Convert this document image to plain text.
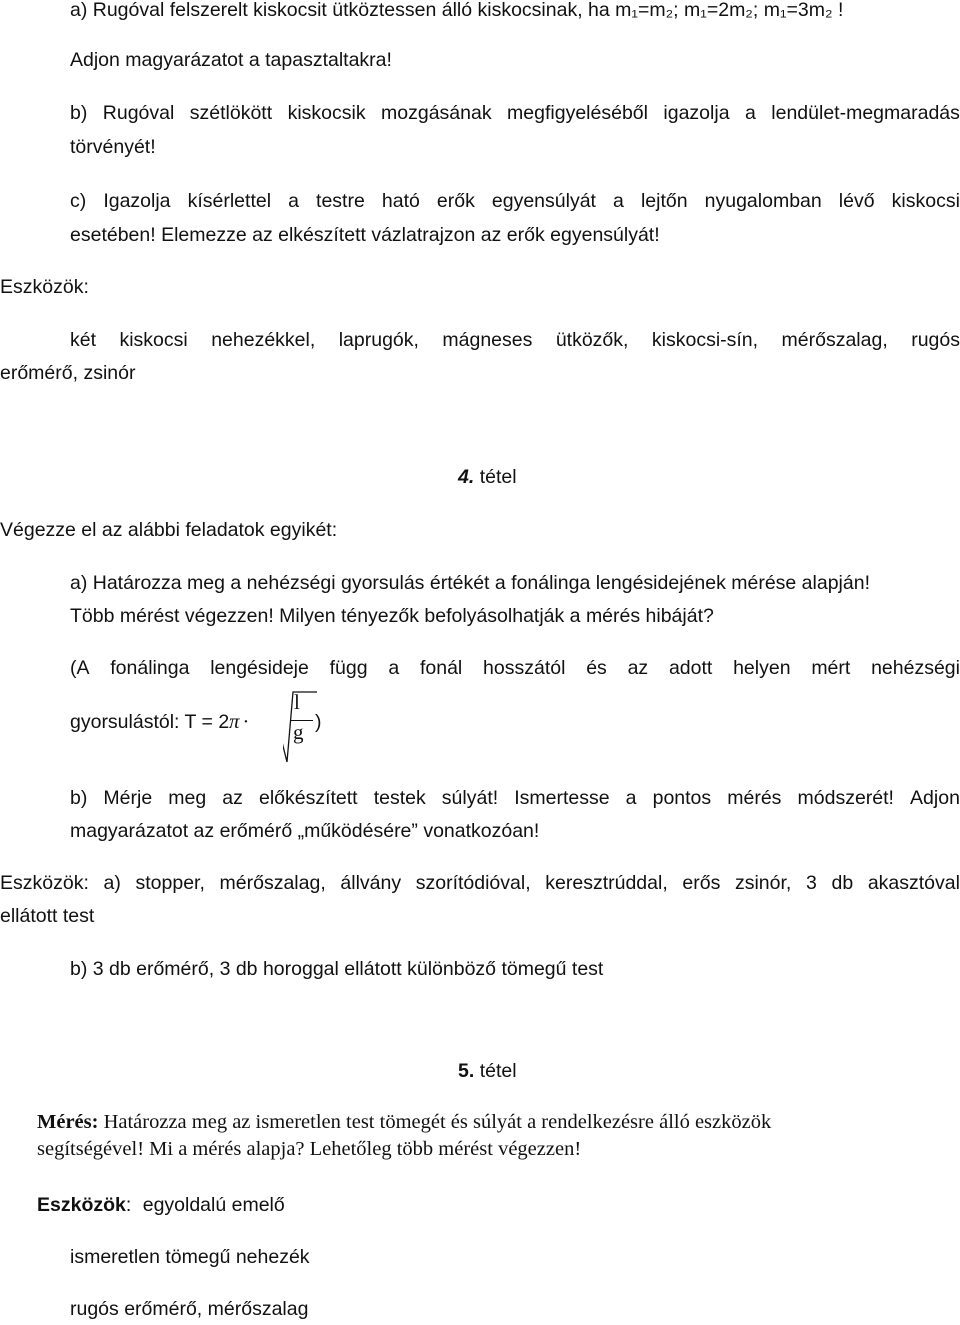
a) Rugóval felszerelt kiskocsit ütköztessen álló kiskocsinak, ha m₁=m₂; m₁=2m₂; m₁=3m₂ !
Adjon magyarázatot a tapasztaltakra!
b) Rugóval szétlökött kiskocsik mozgásának megfigyeléséből igazolja a lendület-megmaradás
törvényét!
c) Igazolja kísérlettel a testre ható erők egyensúlyát a lejtőn nyugalomban lévő kiskocsi
esetében! Elemezze az elkészített vázlatrajzon az erők egyensúlyát!
Eszközök:
két kiskocsi nehezékkel, laprugók, mágneses ütközők, kiskocsi-sín, mérőszalag, rugós
erőmérő, zsinór
4. tétel
Végezze el az alábbi feladatok egyikét:
a) Határozza meg a nehézségi gyorsulás értékét a fonálinga lengésidejének mérése alapján!
Több mérést végezzen! Milyen tényezők befolyásolhatják a mérés hibáját?
(A fonálinga lengésideje függ a fonál hosszától és az adott helyen mért nehézségi
gyorsulástól: T = 2π ·
l
g )
b) Mérje meg az előkészített testek súlyát! Ismertesse a pontos mérés módszerét! Adjon
magyarázatot az erőmérő „működésére” vonatkozóan!
Eszközök: a) stopper, mérőszalag, állvány szorítódióval, keresztrúddal, erős zsinór, 3 db akasztóval
ellátott test
b) 3 db erőmérő, 3 db horoggal ellátott különböző tömegű test
5. tétel
Mérés: Határozza meg az ismeretlen test tömegét és súlyát a rendelkezésre álló eszközök
segítségével! Mi a mérés alapja? Lehetőleg több mérést végezzen!
Eszközök: egyoldalú emelő
ismeretlen tömegű nehezék
rugós erőmérő, mérőszalag
